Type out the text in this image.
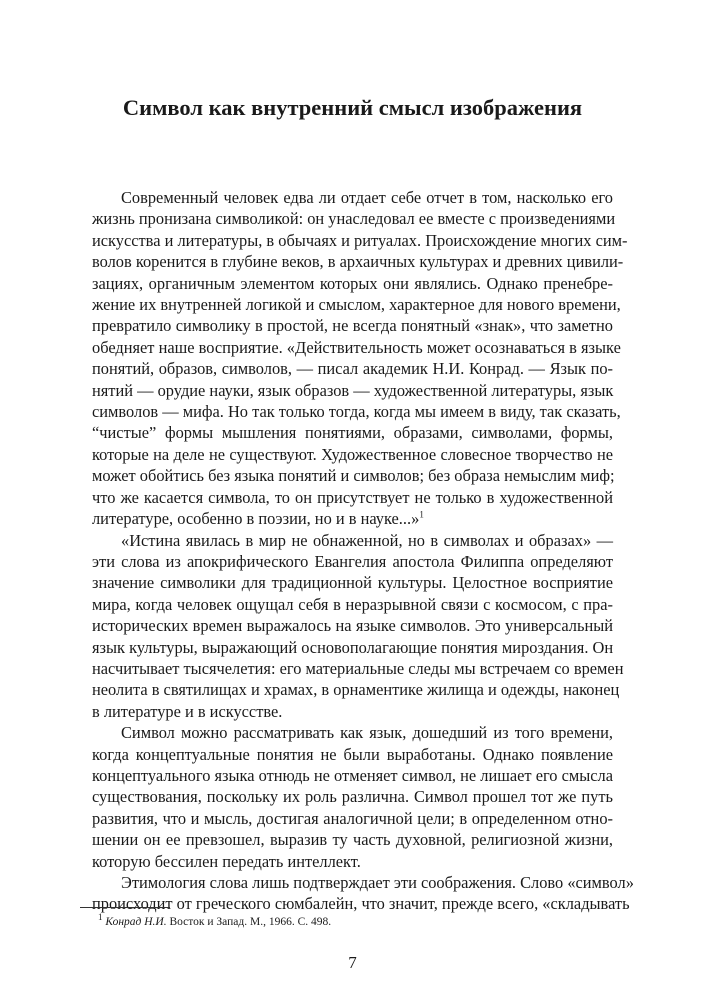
Символ как внутренний смысл изображения
Современный человек едва ли отдает себе отчет в том, насколько его
жизнь пронизана символикой: он унаследовал ее вместе с произведениями
искусства и литературы, в обычаях и ритуалах. Происхождение многих сим-
волов коренится в глубине веков, в архаичных культурах и древних цивили-
зациях, органичным элементом которых они являлись. Однако пренебре-
жение их внутренней логикой и смыслом, характерное для нового времени,
превратило символику в простой, не всегда понятный «знак», что заметно
обедняет наше восприятие. «Действительность может осознаваться в языке
понятий, образов, символов, — писал академик Н.И. Конрад. — Язык по-
нятий — орудие науки, язык образов — художественной литературы, язык
символов — мифа. Но так только тогда, когда мы имеем в виду, так сказать,
“чистые” формы мышления понятиями, образами, символами, формы,
которые на деле не существуют. Художественное словесное творчество не
может обойтись без языка понятий и символов; без образа немыслим миф;
что же касается символа, то он присутствует не только в художественной
литературе, особенно в поэзии, но и в науке...»$^1$
«Истина явилась в мир не обнаженной, но в символах и образах» —
эти слова из апокрифического Евангелия апостола Филиппа определяют
значение символики для традиционной культуры. Целостное восприятие
мира, когда человек ощущал себя в неразрывной связи с космосом, с пра-
исторических времен выражалось на языке символов. Это универсальный
язык культуры, выражающий основополагающие понятия мироздания. Он
насчитывает тысячелетия: его материальные следы мы встречаем со времен
неолита в святилищах и храмах, в орнаментике жилища и одежды, наконец
в литературе и в искусстве.
Символ можно рассматривать как язык, дошедший из того времени,
когда концептуальные понятия не были выработаны. Однако появление
концептуального языка отнюдь не отменяет символ, не лишает его смысла
существования, поскольку их роль различна. Символ прошел тот же путь
развития, что и мысль, достигая аналогичной цели; в определенном отно-
шении он ее превзошел, выразив ту часть духовной, религиозной жизни,
которую бессилен передать интеллект.
Этимология слова лишь подтверждает эти соображения. Слово «символ»
происходит от греческого сюмбалейн, что значит, прежде всего, «складывать
$^1$ Конрад Н.И. Восток и Запад. М., 1966. С. 498.
7
